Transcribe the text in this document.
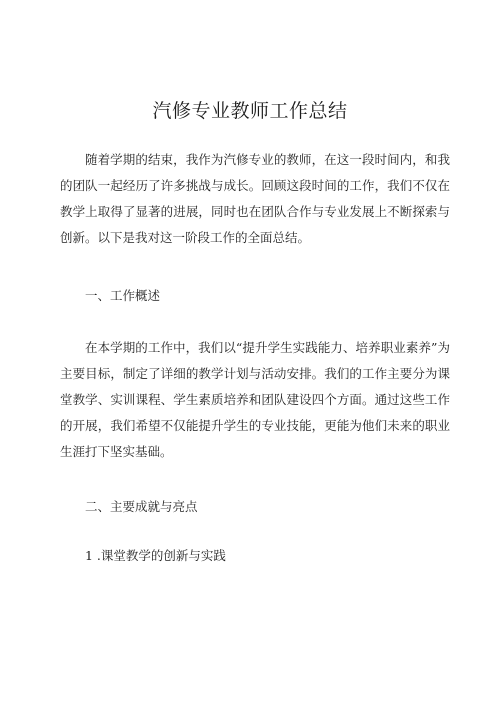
汽修专业教师工作总结

随着学期的结束，我作为汽修专业的教师，在这一段时间内，和我的团队一起经历了许多挑战与成长。回顾这段时间的工作，我们不仅在教学上取得了显著的进展，同时也在团队合作与专业发展上不断探索与创新。以下是我对这一阶段工作的全面总结。

一、工作概述

在本学期的工作中，我们以“提升学生实践能力、培养职业素养”为主要目标，制定了详细的教学计划与活动安排。我们的工作主要分为课堂教学、实训课程、学生素质培养和团队建设四个方面。通过这些工作的开展，我们希望不仅能提升学生的专业技能，更能为他们未来的职业生涯打下坚实基础。

二、主要成就与亮点

1 .课堂教学的创新与实践
